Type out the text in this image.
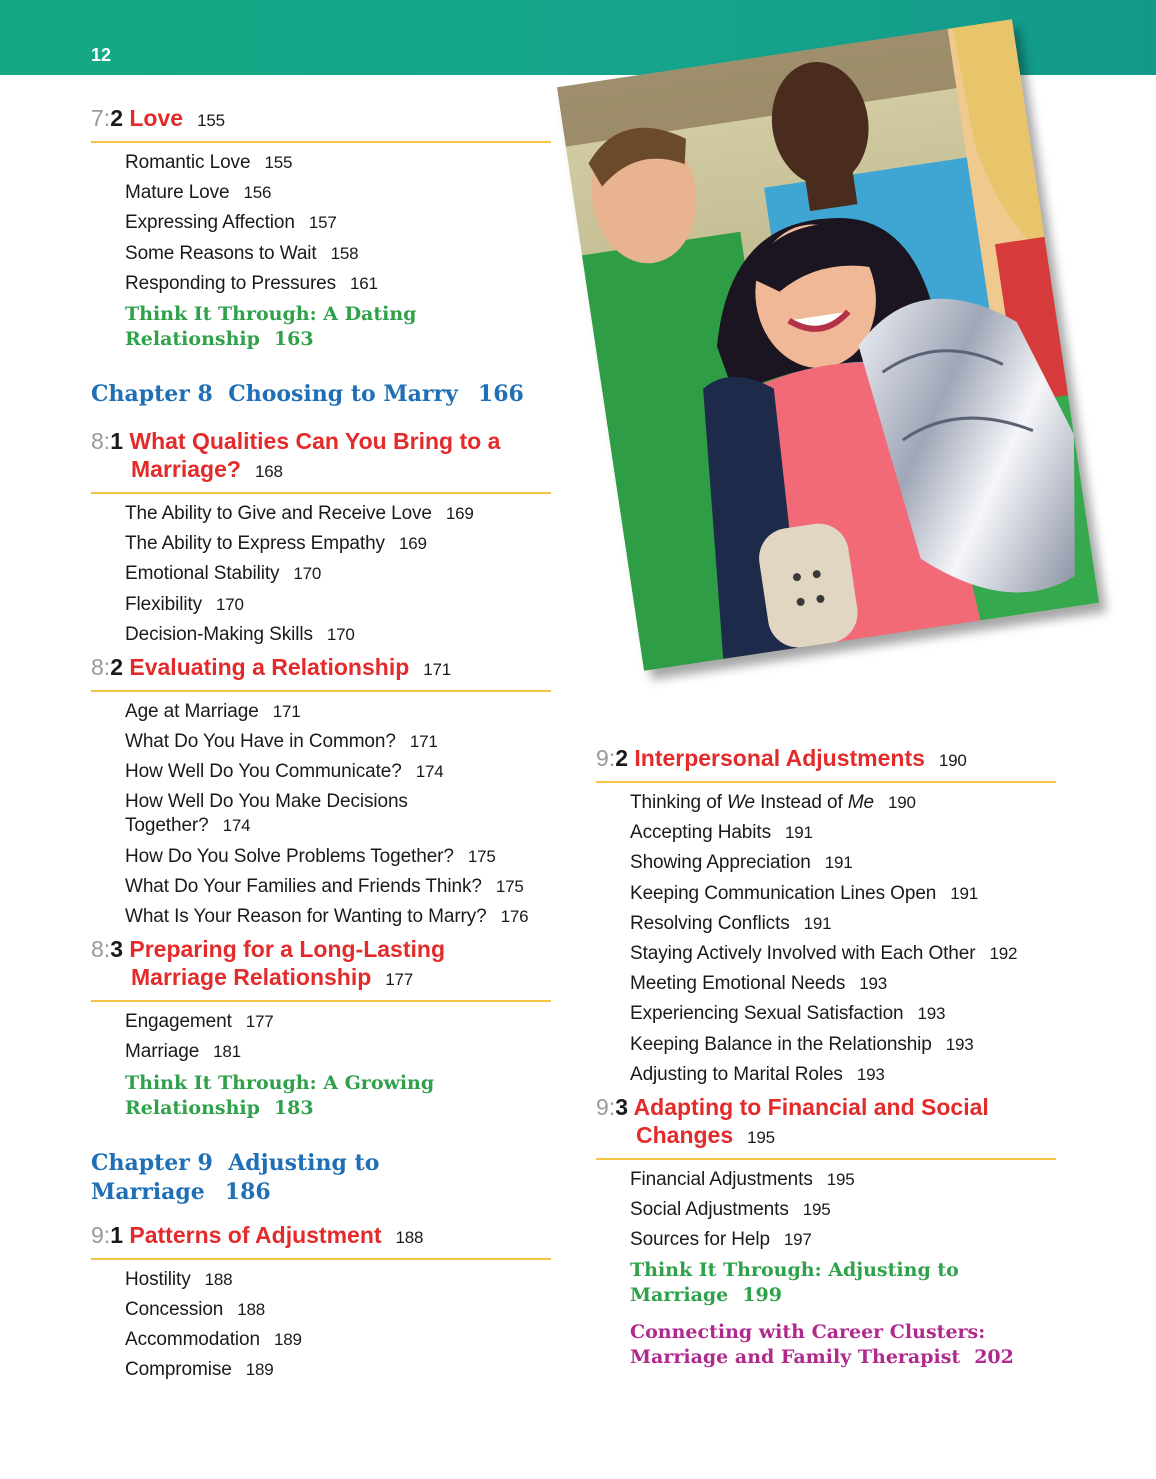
12
7:2 Love 155
Romantic Love 155
Mature Love 156
Expressing Affection 157
Some Reasons to Wait 158
Responding to Pressures 161
Think It Through: A Dating
Relationship 163
Chapter 8 Choosing to Marry 166
8:1 What Qualities Can You Bring to a
Marriage? 168
The Ability to Give and Receive Love 169
The Ability to Express Empathy 169
Emotional Stability 170
Flexibility 170
Decision-Making Skills 170
8:2 Evaluating a Relationship 171
Age at Marriage 171
What Do You Have in Common? 171
How Well Do You Communicate? 174
How Well Do You Make Decisions
Together? 174
How Do You Solve Problems Together? 175
What Do Your Families and Friends Think? 175
What Is Your Reason for Wanting to Marry? 176
8:3 Preparing for a Long-Lasting
Marriage Relationship 177
Engagement 177
Marriage 181
Think It Through: A Growing
Relationship 183
Chapter 9 Adjusting to
Marriage 186
9:1 Patterns of Adjustment 188
Hostility 188
Concession 188
Accommodation 189
Compromise 189
9:2 Interpersonal Adjustments 190
Thinking of We Instead of Me 190
Accepting Habits 191
Showing Appreciation 191
Keeping Communication Lines Open 191
Resolving Conflicts 191
Staying Actively Involved with Each Other 192
Meeting Emotional Needs 193
Experiencing Sexual Satisfaction 193
Keeping Balance in the Relationship 193
Adjusting to Marital Roles 193
9:3 Adapting to Financial and Social
Changes 195
Financial Adjustments 195
Social Adjustments 195
Sources for Help 197
Think It Through: Adjusting to
Marriage 199
Connecting with Career Clusters:
Marriage and Family Therapist 202
